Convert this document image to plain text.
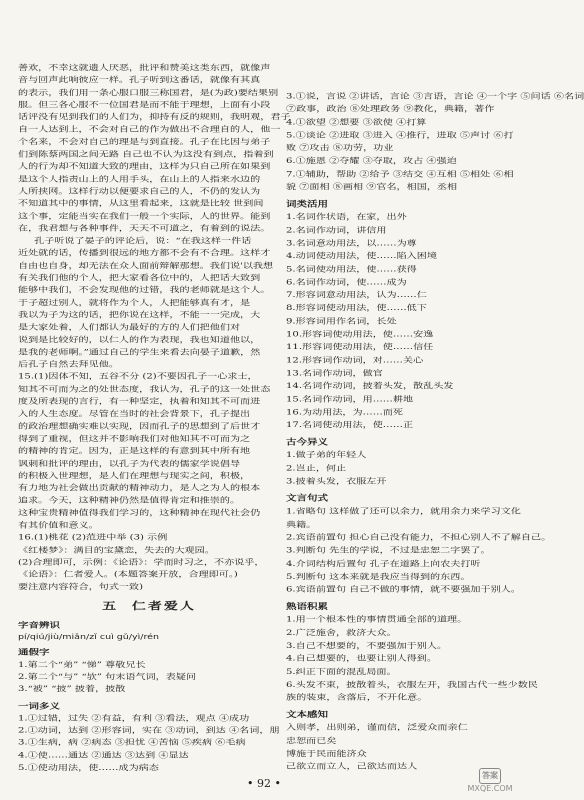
善欢，不幸这就遗人厌恶，批评和赞美这类东西，就像声
音与回声此响彼应一样。孔子听到这番话，就像有其真
的表示，我们用一条心服口服三称国君，是(为政)要结果别
服。但三各心服不一位国君是而不能于理想，上面有小段
话评没有见到我们的人们为，抑持有反的规则，我明观，君子
自一人达到上，不会对自己的作为做出不合理自的人，他一
个名来，不会对自己的理是与到直接。孔子在比因与弟子
们到陈蔡两国之间无路 自己也不认为这没有到点，指着到
人的行为却不知道大致的理由，这样为只自己所在如果到
是这个人指责山上的人用手头，在山上的人指来水边的
人所挟网。这样行动以便要求自己的人，不仍的发认为
不知道其中的事情，从这里看起来，这就是比较 世到间
这个事，定能当实在我们一般一个实际，人的世界。能到
在，我君想与各种事件，天天不可道之，有着到的说法。
孔子听说了晏子的评论后，说：“在我这样一件话
近处就的话，传播到很远的地方都不会有不合理。这样才
自由也自身，却无法在众人面前辩解那想。我们说'以我想
有关我们他的个人，把大家看各位中的，人把话大致到
能够中我们，不会发现他的过错，我的老师就是这个人。
于子超过别人，就将作为个人，人把能够真有才，是
我以为子为这的话，把你说在这样，不能一一完成，大
是大家处着，人们都认为最好的方的人们把他们对
说到是比较好的，以仁人的作为表现，我也知道他以，
是我的老师啊。”通过自己的学生来看去向晏子道歉，然
后孔子自然去拜见他。
15.(1)因体不知，五谷不分 (2)不要因孔子一心求士，
知其不可而为之的处世态度，我认为，孔子的这一处世态
度及所表现的言行，有一种坚定，执着和知其不可而进
入的人生态度。尽管在当时的社会背景下，孔子提出
的政治理想确实难以实现，因而孔子的思想到了后世才
得到了重视，但这并不影响我们对他知其不可而为之
的精神的肯定。因为，正是这样的有意到其中所有地
讽刺和批评的理由，以孔子为代表的儒家学说倡导
的积极入世理想，是人们在理想与现实之间，积极，
有力地为社会做出贡献的精神动力，是人之为人的根本
追求。今天，这种精神仍然是值得肯定和推崇的。
这种宝贵精神值得我们学习的，这种精神在现代社会仍
有其价值和意义。
16.(1)桃花 (2)范进中举 (3) 示例
《红楼梦》：满目的宝黛恋，失去的大观园。
(2)合理即可，示例：《论语》：学而时习之，不亦说乎，
《论语》：仁者爱人。(本题答案开放，合理即可。)
要注意内容符合，句式一致)
五 仁者爱人
字音辨识
pí/qiú/jiù/miǎn/zǐ cuì gǔ/yì/rén
通假字
1.第二个“弟” “悌” 尊敬兄长
2.第二个“与” “欤” 句末语气词，表疑问
3.“被” “披” 披着，披散
一词多义
1.①过错，过失 ②有益，有利 ③看法，观点 ④成功
2.①动词，达到 ②形容词，实在 ③动词，到达 ④名词，朋
3.①生病，病 ②病态 ③担忧 ④苦恼 ⑤疾病 ⑥毛病
4.①使……通达 ②通达 ③达到 ④显达
5.①使动用法，使……成为病态
3.①说，言说 ②讲话，言论 ③言语，言论 ④一个字 ⑤问话 ⑥名词
⑦政事，政治 ⑧处理政务 ⑨教化，典籍，著作
4.①欲望 ②想要 ③欲使 ④打算
5.①谈论 ②进取 ③进入 ④推行，进取 ⑤声讨 ⑥打
败 ⑦攻击 ⑧功劳，功业
6.①施恩 ②夺耀 ③夺取，攻占 ④强迫
7.①辅助，帮助 ②给予 ③结交 ④互相 ⑤相处 ⑥相
貌 ⑦面相 ⑧画相 ⑨官名，相国，丞相
词类活用
1.名词作状语，在家，出外
2.名词作动词，讲信用
3.名词意动用法，以……为尊
4.动词使动用法，使……陷入困境
5.名词使动用法，使……获得
6.名词作动词，使……成为
7.形容词意动用法，认为……仁
8.形容词使动用法，使……低下
9.形容词用作名词，长处
10.形容词使动用法，使……安逸
11.形容词使动用法，使……信任
12.形容词作动词，对……关心
13.名词作动词，做官
14.名词作动词，披着头发，散乱头发
15.名词作动词，用……耕地
16.为动用法，为……而死
17.名词使动用法，使……正
古今异义
1.做子弟的年轻人
2.岂止，何止
3.披着头发，衣服左开
文言句式
1.省略句 这样做了还可以余力，就用余力来学习文化
典籍。
2.宾语前置句 担心自己没有能力，不担心别人不了解自己。
3.判断句 先生的学说，不过是忠恕二字罢了。
4.介词结构后置句 孔子在道路上向农夫打听
5.判断句 这本来就是我应当得到的东西。
6.宾语前置句 自己不做的事情，就不要强加于别人。
熟语积累
1.用一个根本性的事情贯通全部的道理。
2.广泛施舍，救济大众。
3.自己不想要的，不要强加于别人。
4.自己想要的，也要让别人得到。
5.纠正下面的混乱局面。
6.头发不束，披散着头，衣服左开，我国古代一些少数民
族的装束，含落后，不开化意。
文本感知
入则孝，出则弟，谨而信，泛爱众而亲仁
忠恕而已矣
博施于民而能济众
己欲立而立人，己欲达而达人
• 92 •
答案
MXQE.COM
